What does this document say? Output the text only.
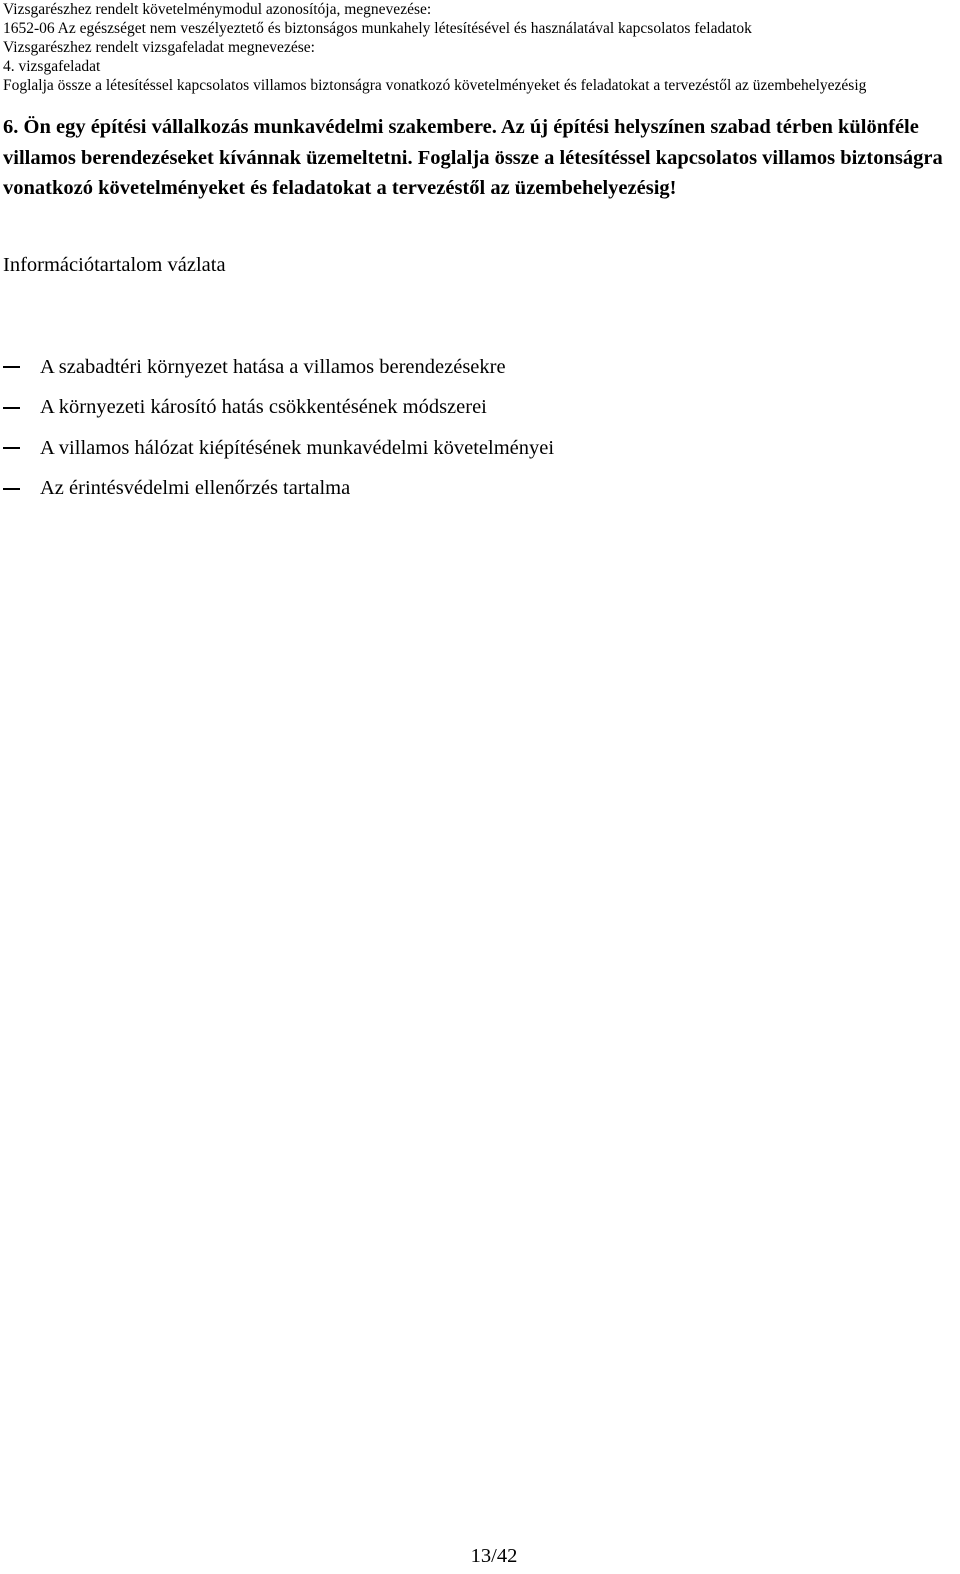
Vizsgarészhez rendelt követelménymodul azonosítója, megnevezése:
1652-06 Az egészséget nem veszélyeztető és biztonságos munkahely létesítésével és használatával kapcsolatos feladatok
Vizsgarészhez rendelt vizsgafeladat megnevezése:
4. vizsgafeladat
Foglalja össze a létesítéssel kapcsolatos villamos biztonságra vonatkozó követelményeket és feladatokat a tervezéstől az üzembehelyezésig
6. Ön egy építési vállalkozás munkavédelmi szakembere. Az új építési helyszínen szabad térben különféle villamos berendezéseket kívánnak üzemeltetni. Foglalja össze a létesítéssel kapcsolatos villamos biztonságra vonatkozó követelményeket és feladatokat a tervezéstől az üzembehelyezésig!
Információtartalom vázlata
A szabadtéri környezet hatása a villamos berendezésekre
A környezeti károsító hatás csökkentésének módszerei
A villamos hálózat kiépítésének munkavédelmi követelményei
Az érintésvédelmi ellenőrzés tartalma
13/42
